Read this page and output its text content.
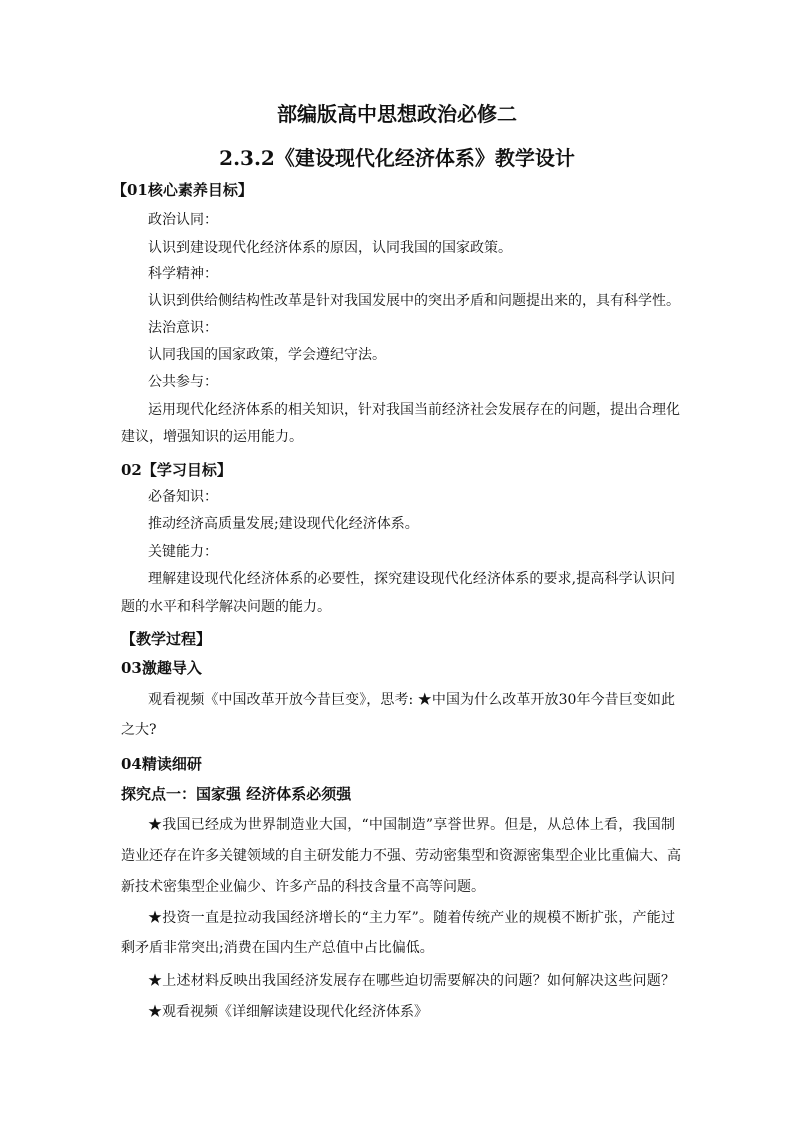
部编版高中思想政治必修二
2.3.2《建设现代化经济体系》教学设计
【01核心素养目标】
政治认同：
认识到建设现代化经济体系的原因，认同我国的国家政策。
科学精神：
认识到供给侧结构性改革是针对我国发展中的突出矛盾和问题提出来的，具有科学性。
法治意识：
认同我国的国家政策，学会遵纪守法。
公共参与：
运用现代化经济体系的相关知识，针对我国当前经济社会发展存在的问题，提出合理化
建议，增强知识的运用能力。
02【学习目标】
必备知识：
推动经济高质量发展;建设现代化经济体系。
关键能力：
理解建设现代化经济体系的必要性，探究建设现代化经济体系的要求,提高科学认识问
题的水平和科学解决问题的能力。
【教学过程】
03激趣导入
观看视频《中国改革开放今昔巨变》，思考: ★中国为什么改革开放30年今昔巨变如此
之大?
04精读细研
探究点一：国家强 经济体系必须强
★我国已经成为世界制造业大国，“中国制造”享誉世界。但是，从总体上看，我国制
造业还存在许多关键领域的自主研发能力不强、劳动密集型和资源密集型企业比重偏大、高
新技术密集型企业偏少、许多产品的科技含量不高等问题。
★投资一直是拉动我国经济增长的“主力军”。随着传统产业的规模不断扩张，产能过
剩矛盾非常突出;消费在国内生产总值中占比偏低。
★上述材料反映出我国经济发展存在哪些迫切需要解决的问题？如何解决这些问题？
★观看视频《详细解读建设现代化经济体系》
